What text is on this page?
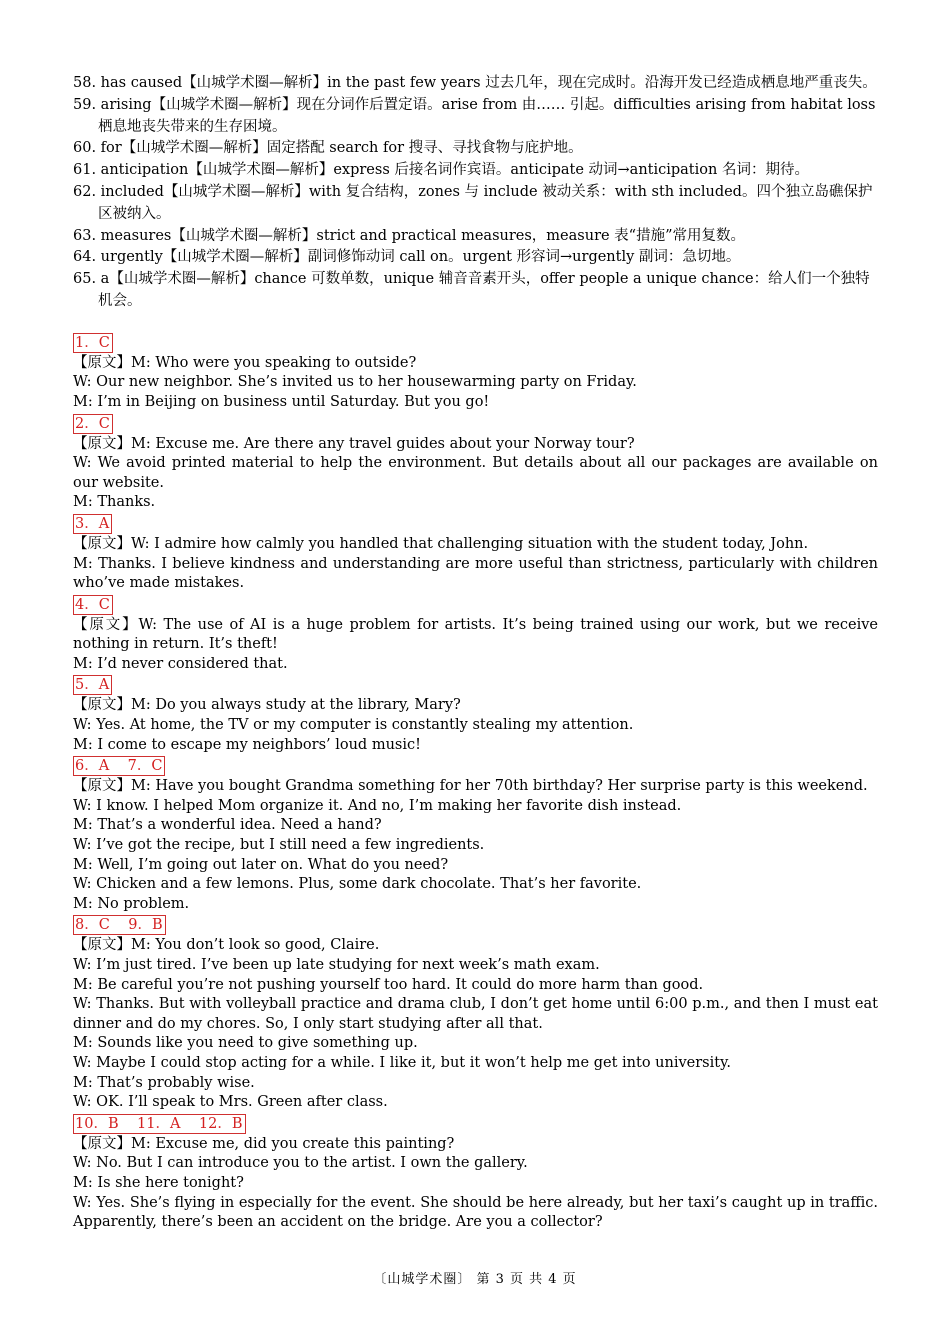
58. has caused【山城学术圈—解析】in the past few years 过去几年，现在完成时。沿海开发已经造成栖息地严重丧失。
59. arising【山城学术圈—解析】现在分词作后置定语。arise from 由…… 引起。difficulties arising from habitat loss 栖息地丧失带来的生存困境。
60. for【山城学术圈—解析】固定搭配 search for 搜寻、寻找食物与庇护地。
61. anticipation【山城学术圈—解析】express 后接名词作宾语。anticipate 动词→anticipation 名词：期待。
62. included【山城学术圈—解析】with 复合结构，zones 与 include 被动关系：with sth included。四个独立岛礁保护区被纳入。
63. measures【山城学术圈—解析】strict and practical measures，measure 表“措施”常用复数。
64. urgently【山城学术圈—解析】副词修饰动词 call on。urgent 形容词→urgently 副词：急切地。
65. a【山城学术圈—解析】chance 可数单数，unique 辅音音素开头，offer people a unique chance：给人们一个独特机会。
1．C
【原文】M: Who were you speaking to outside?
W: Our new neighbor. She’s invited us to her housewarming party on Friday.
M: I’m in Beijing on business until Saturday. But you go!
2．C
【原文】M: Excuse me. Are there any travel guides about your Norway tour?
W: We avoid printed material to help the environment. But details about all our packages are available on our website.
M: Thanks.
3．A
【原文】W: I admire how calmly you handled that challenging situation with the student today, John.
M: Thanks. I believe kindness and understanding are more useful than strictness, particularly with children who’ve made mistakes.
4．C
【原文】W: The use of AI is a huge problem for artists. It’s being trained using our work, but we receive nothing in return. It’s theft!
M: I’d never considered that.
5．A
【原文】M: Do you always study at the library, Mary?
W: Yes. At home, the TV or my computer is constantly stealing my attention.
M: I come to escape my neighbors’ loud music!
6．A    7．C
【原文】M: Have you bought Grandma something for her 70th birthday? Her surprise party is this weekend.
W: I know. I helped Mom organize it. And no, I’m making her favorite dish instead.
M: That’s a wonderful idea. Need a hand?
W: I’ve got the recipe, but I still need a few ingredients.
M: Well, I’m going out later on. What do you need?
W: Chicken and a few lemons. Plus, some dark chocolate. That’s her favorite.
M: No problem.
8．C    9．B
【原文】M: You don’t look so good, Claire.
W: I’m just tired. I’ve been up late studying for next week’s math exam.
M: Be careful you’re not pushing yourself too hard. It could do more harm than good.
W: Thanks. But with volleyball practice and drama club, I don’t get home until 6:00 p.m., and then I must eat dinner and do my chores. So, I only start studying after all that.
M: Sounds like you need to give something up.
W: Maybe I could stop acting for a while. I like it, but it won’t help me get into university.
M: That’s probably wise.
W: OK. I’ll speak to Mrs. Green after class.
10．B    11．A    12．B
【原文】M: Excuse me, did you create this painting?
W: No. But I can introduce you to the artist. I own the gallery.
M: Is she here tonight?
W: Yes. She’s flying in especially for the event. She should be here already, but her taxi’s caught up in traffic. Apparently, there’s been an accident on the bridge. Are you a collector?
〔山城学术圈〕 第 3 页 共 4 页
